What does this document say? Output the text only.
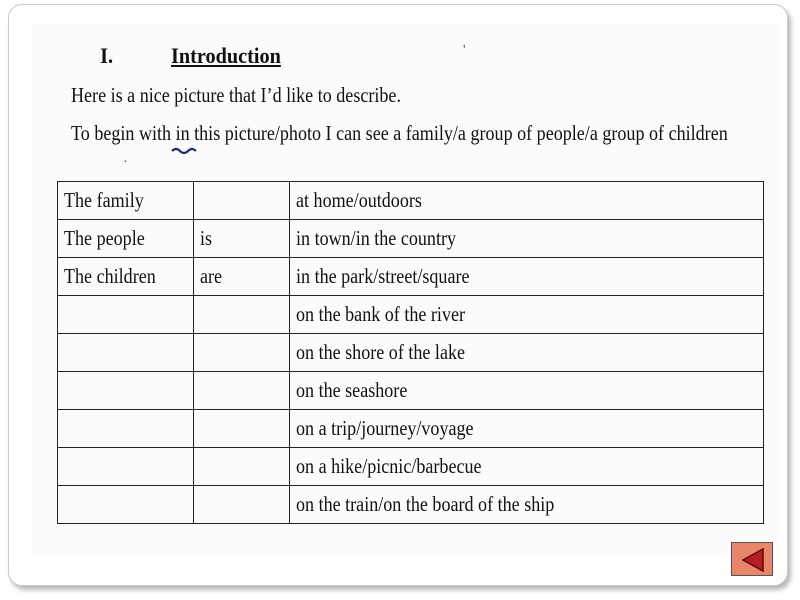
I.	Introduction
Here is a nice picture that I’d like to describe.
To begin with in this picture/photo I can see a family/a group of people/a group of children
'
·
The family		at home/outdoors
The people	is	in town/in the country
The children	are	in the park/street/square
		on the bank of the river
		on the shore of the lake
		on the seashore
		on a trip/journey/voyage
		on a hike/picnic/barbecue
		on the train/on the board of the ship
